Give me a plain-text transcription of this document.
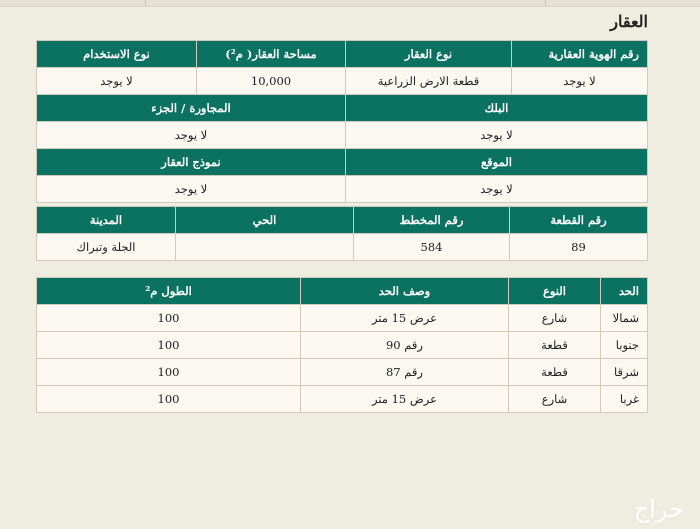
العقار
رقم الهوية العقارية	نوع العقار	مساحة العقار( م²)	نوع الاستخدام
لا يوجد	قطعة الارض الزراعية	10,000	لا يوجد
البلك		المجاورة / الجزء	
لا يوجد		لا يوجد	
الموقع		نموذج العقار	
لا يوجد		لا يوجد	
رقم القطعة	رقم المخطط	الحي	المدينة
89	584		الجلة وتبراك
الحد	النوع	وصف الحد	الطول م²
شمالا	شارع	عرض 15 متر	100
جنوبا	قطعة	رقم 90	100
شرقا	قطعة	رقم 87	100
غربا	شارع	عرض 15 متر	100
حراج
